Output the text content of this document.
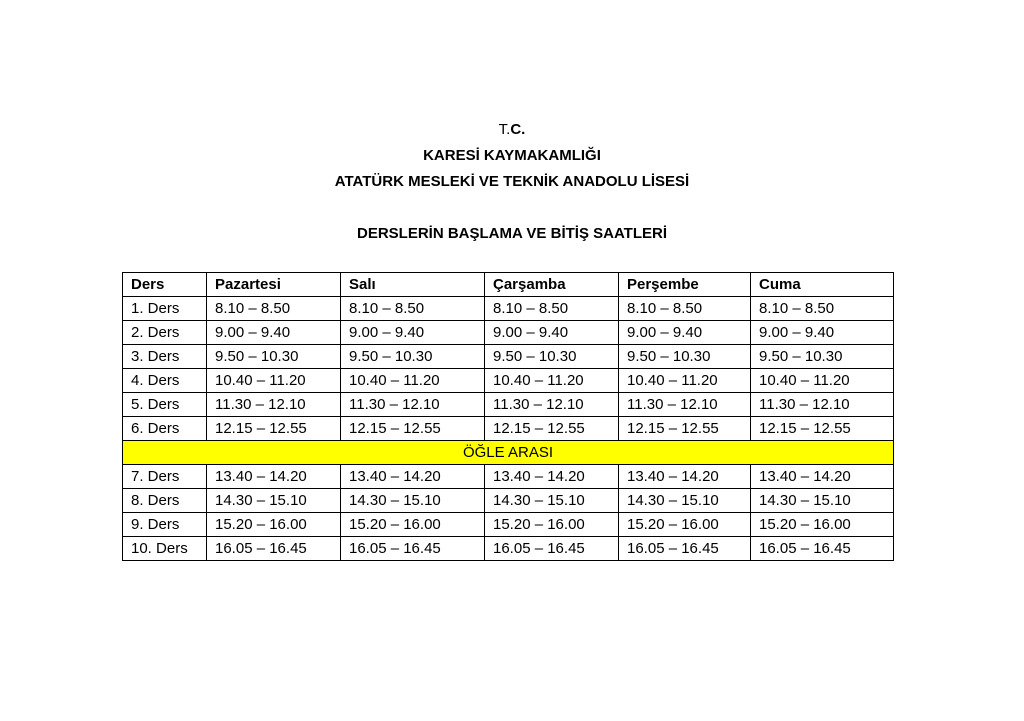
T.C.
KARESİ KAYMAKAMLIĞI
ATATÜRK MESLEKİ VE TEKNİK ANADOLU LİSESİ
DERSLERİN BAŞLAMA VE BİTİŞ SAATLERİ
Ders	Pazartesi	Salı	Çarşamba	Perşembe	Cuma
1. Ders	8.10 – 8.50	8.10 – 8.50	8.10 – 8.50	8.10 – 8.50	8.10 – 8.50
2. Ders	9.00 – 9.40	9.00 – 9.40	9.00 – 9.40	9.00 – 9.40	9.00 – 9.40
3. Ders	9.50 – 10.30	9.50 – 10.30	9.50 – 10.30	9.50 – 10.30	9.50 – 10.30
4. Ders	10.40 – 11.20	10.40 – 11.20	10.40 – 11.20	10.40 – 11.20	10.40 – 11.20
5. Ders	11.30 – 12.10	11.30 – 12.10	11.30 – 12.10	11.30 – 12.10	11.30 – 12.10
6. Ders	12.15 – 12.55	12.15 – 12.55	12.15 – 12.55	12.15 – 12.55	12.15 – 12.55
ÖĞLE ARASI					
7. Ders	13.40 – 14.20	13.40 – 14.20	13.40 – 14.20	13.40 – 14.20	13.40 – 14.20
8. Ders	14.30 – 15.10	14.30 – 15.10	14.30 – 15.10	14.30 – 15.10	14.30 – 15.10
9. Ders	15.20 – 16.00	15.20 – 16.00	15.20 – 16.00	15.20 – 16.00	15.20 – 16.00
10. Ders	16.05 – 16.45	16.05 – 16.45	16.05 – 16.45	16.05 – 16.45	16.05 – 16.45
